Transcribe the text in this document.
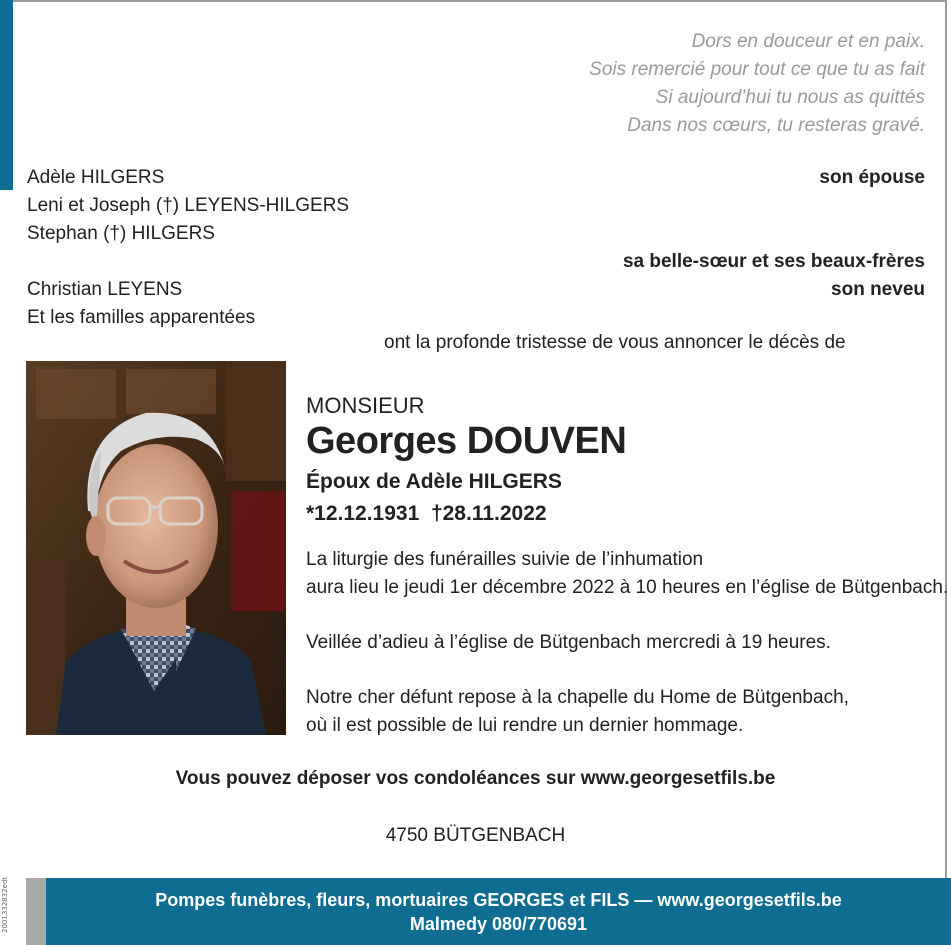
2001332832edt
Dors en douceur et en paix.
Sois remercié pour tout ce que tu as fait
Si aujourd’hui tu nous as quittés
Dans nos cœurs, tu resteras gravé.
Adèle HILGERS
Leni et Joseph (†) LEYENS-HILGERS
Stephan (†) HILGERS
Christian LEYENS
Et les familles apparentées
son épouse
sa belle-sœur et ses beaux-frères
son neveu
ont la profonde tristesse de vous annoncer le décès de
MONSIEUR
Georges DOUVEN
Époux de Adèle HILGERS
*12.12.1931  †28.11.2022

La liturgie des funérailles suivie de l’inhumation
aura lieu le jeudi 1er décembre 2022 à 10 heures en l’église de Bütgenbach.

Veillée d’adieu à l’église de Bütgenbach mercredi à 19 heures.

Notre cher défunt repose à la chapelle du Home de Bütgenbach,
où il est possible de lui rendre un dernier hommage.

Vous pouvez déposer vos condoléances sur www.georgesetfils.be
4750 BÜTGENBACH
Pompes funèbres, fleurs, mortuaires GEORGES et FILS — www.georgesetfils.be
Malmedy 080/770691
